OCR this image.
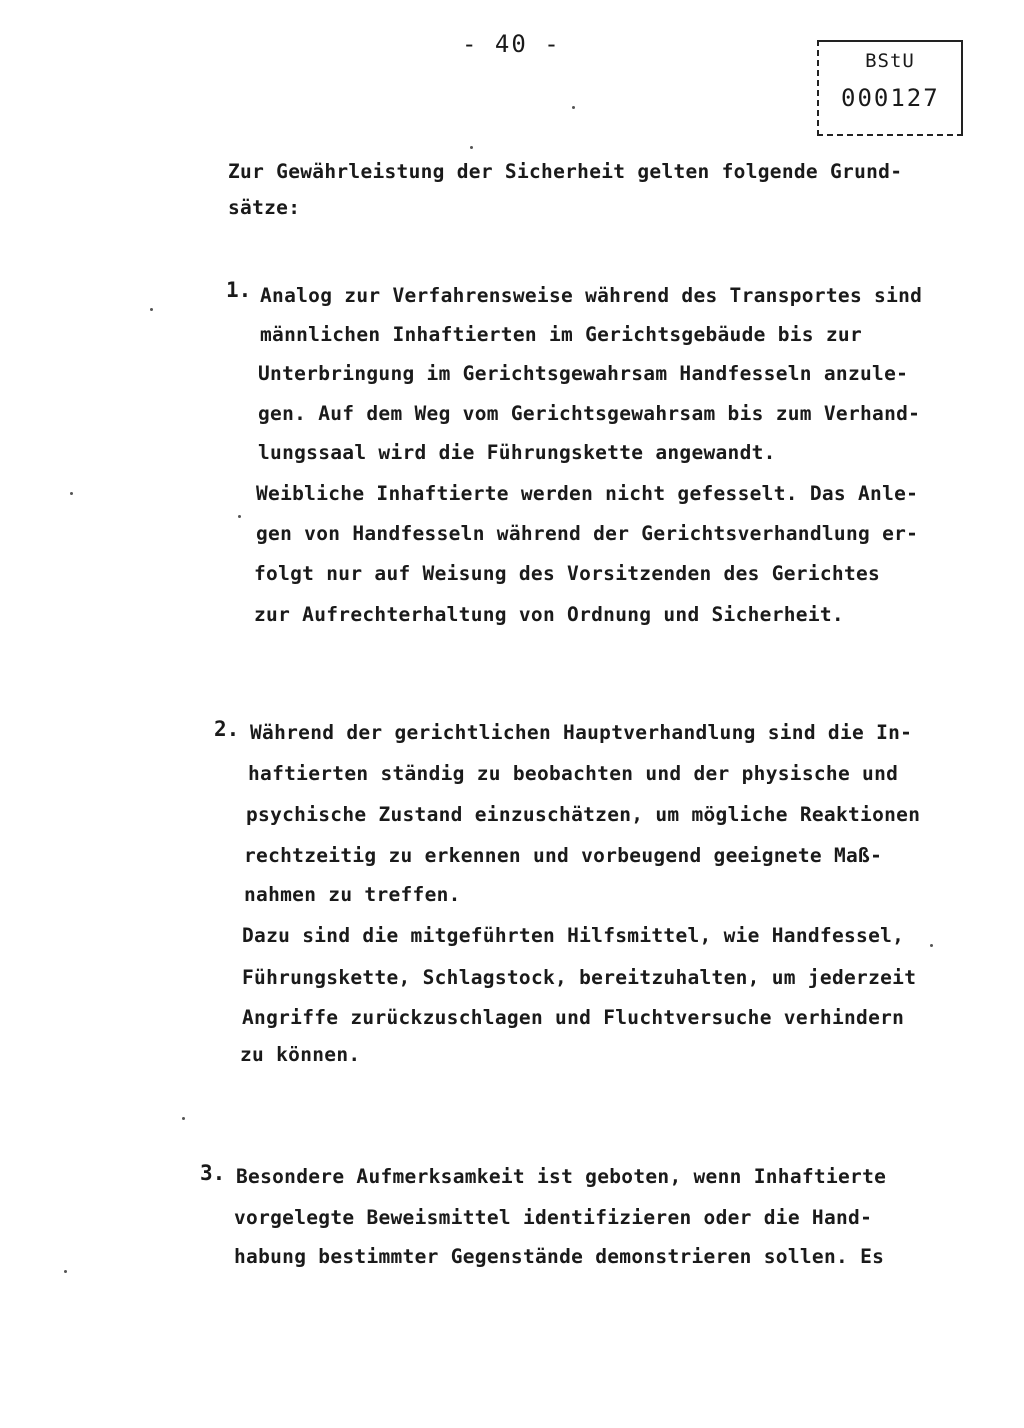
- 40 -
BStU
000127
Zur Gewährleistung der Sicherheit gelten folgende Grund-
sätze:
1. Analog zur Verfahrensweise während des Transportes sind
männlichen Inhaftierten im Gerichtsgebäude bis zur
Unterbringung im Gerichtsgewahrsam Handfesseln anzule-
gen. Auf dem Weg vom Gerichtsgewahrsam bis zum Verhand-
lungssaal wird die Führungskette angewandt.
Weibliche Inhaftierte werden nicht gefesselt. Das Anle-
gen von Handfesseln während der Gerichtsverhandlung er-
folgt nur auf Weisung des Vorsitzenden des Gerichtes
zur Aufrechterhaltung von Ordnung und Sicherheit.
2. Während der gerichtlichen Hauptverhandlung sind die In-
haftierten ständig zu beobachten und der physische und
psychische Zustand einzuschätzen, um mögliche Reaktionen
rechtzeitig zu erkennen und vorbeugend geeignete Maß-
nahmen zu treffen.
Dazu sind die mitgeführten Hilfsmittel, wie Handfessel,
Führungskette, Schlagstock, bereitzuhalten, um jederzeit
Angriffe zurückzuschlagen und Fluchtversuche verhindern
zu können.
3. Besondere Aufmerksamkeit ist geboten, wenn Inhaftierte
vorgelegte Beweismittel identifizieren oder die Hand-
habung bestimmter Gegenstände demonstrieren sollen. Es
